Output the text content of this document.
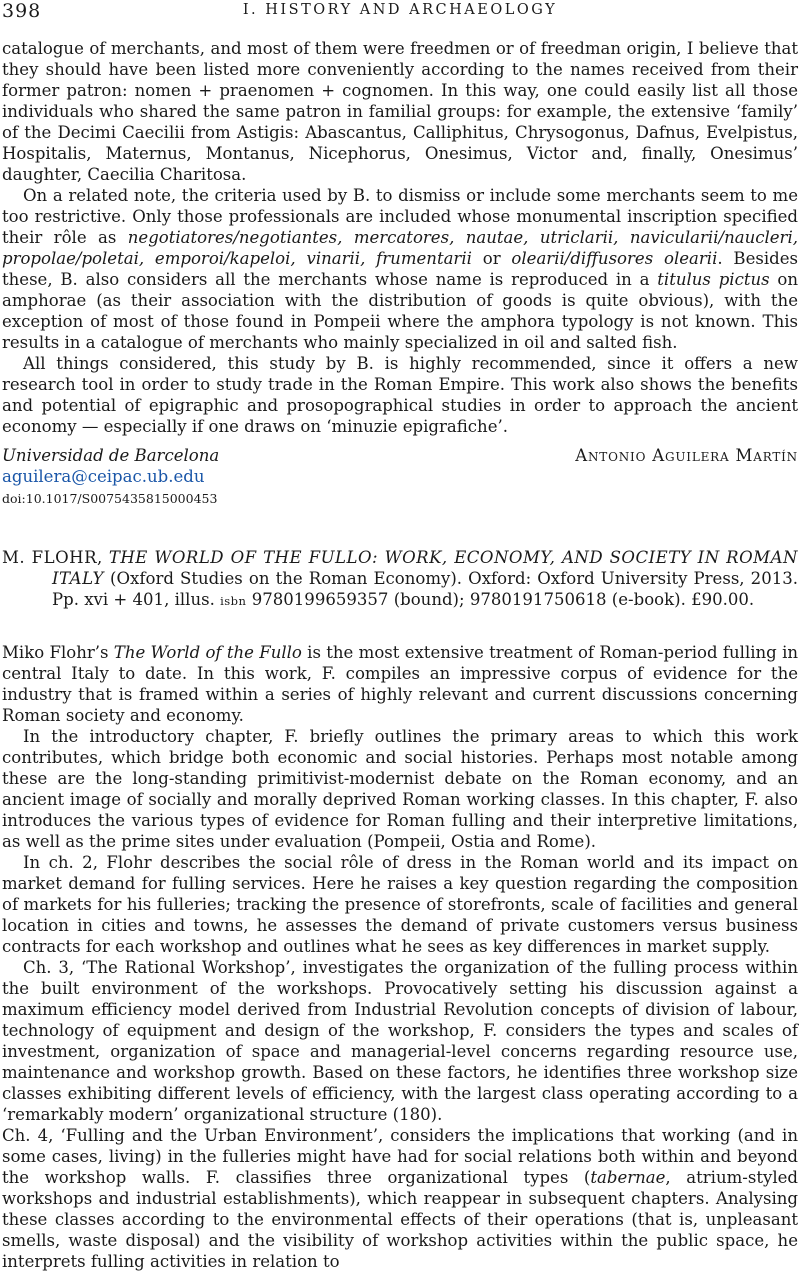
398	I. HISTORY AND ARCHAEOLOGY

catalogue of merchants, and most of them were freedmen or of freedman origin, I believe that they should have been listed more conveniently according to the names received from their former patron: nomen + praenomen + cognomen. In this way, one could easily list all those individuals who shared the same patron in familial groups: for example, the extensive ‘family’ of the Decimi Caecilii from Astigis: Abascantus, Calliphitus, Chrysogonus, Dafnus, Evelpistus, Hospitalis, Maternus, Montanus, Nicephorus, Onesimus, Victor and, finally, Onesimus’ daughter, Caecilia Charitosa.

On a related note, the criteria used by B. to dismiss or include some merchants seem to me too restrictive. Only those professionals are included whose monumental inscription specified their rôle as negotiatores/negotiantes, mercatores, nautae, utriclarii, navicularii/naucleri, propolae/poletai, emporoi/kapeloi, vinarii, frumentarii or olearii/diffusores olearii. Besides these, B. also considers all the merchants whose name is reproduced in a titulus pictus on amphorae (as their association with the distribution of goods is quite obvious), with the exception of most of those found in Pompeii where the amphora typology is not known. This results in a catalogue of merchants who mainly specialized in oil and salted fish.

All things considered, this study by B. is highly recommended, since it offers a new research tool in order to study trade in the Roman Empire. This work also shows the benefits and potential of epigraphic and prosopographical studies in order to approach the ancient economy — especially if one draws on ‘minuzie epigrafiche’.

Universidad de Barcelona	Antonio Aguilera Martín
aguilera@ceipac.ub.edu
doi:10.1017/S0075435815000453

M. FLOHR, THE WORLD OF THE FULLO: WORK, ECONOMY, AND SOCIETY IN ROMAN ITALY (Oxford Studies on the Roman Economy). Oxford: Oxford University Press, 2013. Pp. xvi + 401, illus. isbn 9780199659357 (bound); 9780191750618 (e-book). £90.00.

Miko Flohr’s The World of the Fullo is the most extensive treatment of Roman-period fulling in central Italy to date. In this work, F. compiles an impressive corpus of evidence for the industry that is framed within a series of highly relevant and current discussions concerning Roman society and economy.

In the introductory chapter, F. briefly outlines the primary areas to which this work contributes, which bridge both economic and social histories. Perhaps most notable among these are the long-standing primitivist-modernist debate on the Roman economy, and an ancient image of socially and morally deprived Roman working classes. In this chapter, F. also introduces the various types of evidence for Roman fulling and their interpretive limitations, as well as the prime sites under evaluation (Pompeii, Ostia and Rome).

In ch. 2, Flohr describes the social rôle of dress in the Roman world and its impact on market demand for fulling services. Here he raises a key question regarding the composition of markets for his fulleries; tracking the presence of storefronts, scale of facilities and general location in cities and towns, he assesses the demand of private customers versus business contracts for each workshop and outlines what he sees as key differences in market supply.

Ch. 3, ‘The Rational Workshop’, investigates the organization of the fulling process within the built environment of the workshops. Provocatively setting his discussion against a maximum efficiency model derived from Industrial Revolution concepts of division of labour, technology of equipment and design of the workshop, F. considers the types and scales of investment, organization of space and managerial-level concerns regarding resource use, maintenance and workshop growth. Based on these factors, he identifies three workshop size classes exhibiting different levels of efficiency, with the largest class operating according to a ‘remarkably modern’ organizational structure (180).

Ch. 4, ‘Fulling and the Urban Environment’, considers the implications that working (and in some cases, living) in the fulleries might have had for social relations both within and beyond the workshop walls. F. classifies three organizational types (tabernae, atrium-styled workshops and industrial establishments), which reappear in subsequent chapters. Analysing these classes according to the environmental effects of their operations (that is, unpleasant smells, waste disposal) and the visibility of workshop activities within the public space, he interprets fulling activities in relation to
